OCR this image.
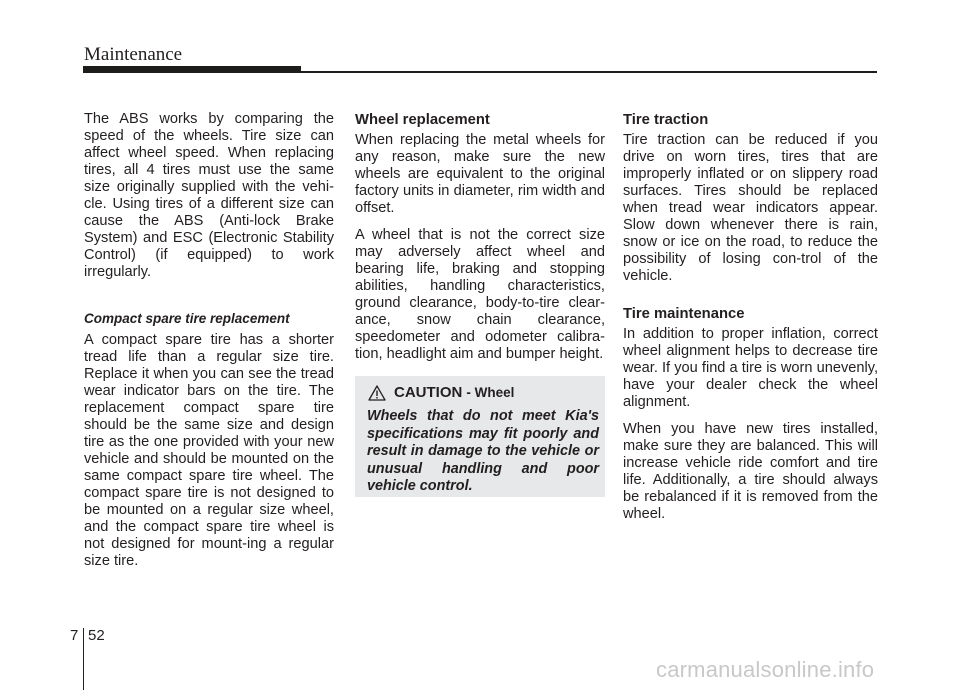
Maintenance

The ABS works by comparing the speed of the wheels. Tire size can affect wheel speed. When replacing tires, all 4 tires must use the same size originally supplied with the vehi-cle. Using tires of a different size can cause the ABS (Anti-lock Brake System) and ESC (Electronic Stability Control) (if equipped) to work irregularly.

Compact spare tire replacement

A compact spare tire has a shorter tread life than a regular size tire. Replace it when you can see the tread wear indicator bars on the tire. The replacement compact spare tire should be the same size and design tire as the one provided with your new vehicle and should be mounted on the same compact spare tire wheel. The compact spare tire is not designed to be mounted on a regular size wheel, and the compact spare tire wheel is not designed for mount-ing a regular size tire.

Wheel replacement

When replacing the metal wheels for any reason, make sure the new wheels are equivalent to the original factory units in diameter, rim width and offset.

A wheel that is not the correct size may adversely affect wheel and bearing life, braking and stopping abilities, handling characteristics, ground clearance, body-to-tire clear-ance, snow chain clearance, speedometer and odometer calibra-tion, headlight aim and bumper height.

CAUTION - Wheel
Wheels that do not meet Kia's specifications may fit poorly and result in damage to the vehicle or unusual handling and poor vehicle control.
Tire traction

Tire traction can be reduced if you drive on worn tires, tires that are improperly inflated or on slippery road surfaces. Tires should be replaced when tread wear indicators appear. Slow down whenever there is rain, snow or ice on the road, to reduce the possibility of losing con-trol of the vehicle.

Tire maintenance

In addition to proper inflation, correct wheel alignment helps to decrease tire wear. If you find a tire is worn unevenly, have your dealer check the wheel alignment.

When you have new tires installed, make sure they are balanced. This will increase vehicle ride comfort and tire life. Additionally, a tire should always be rebalanced if it is removed from the wheel.

7 52
carmanualsonline.info
